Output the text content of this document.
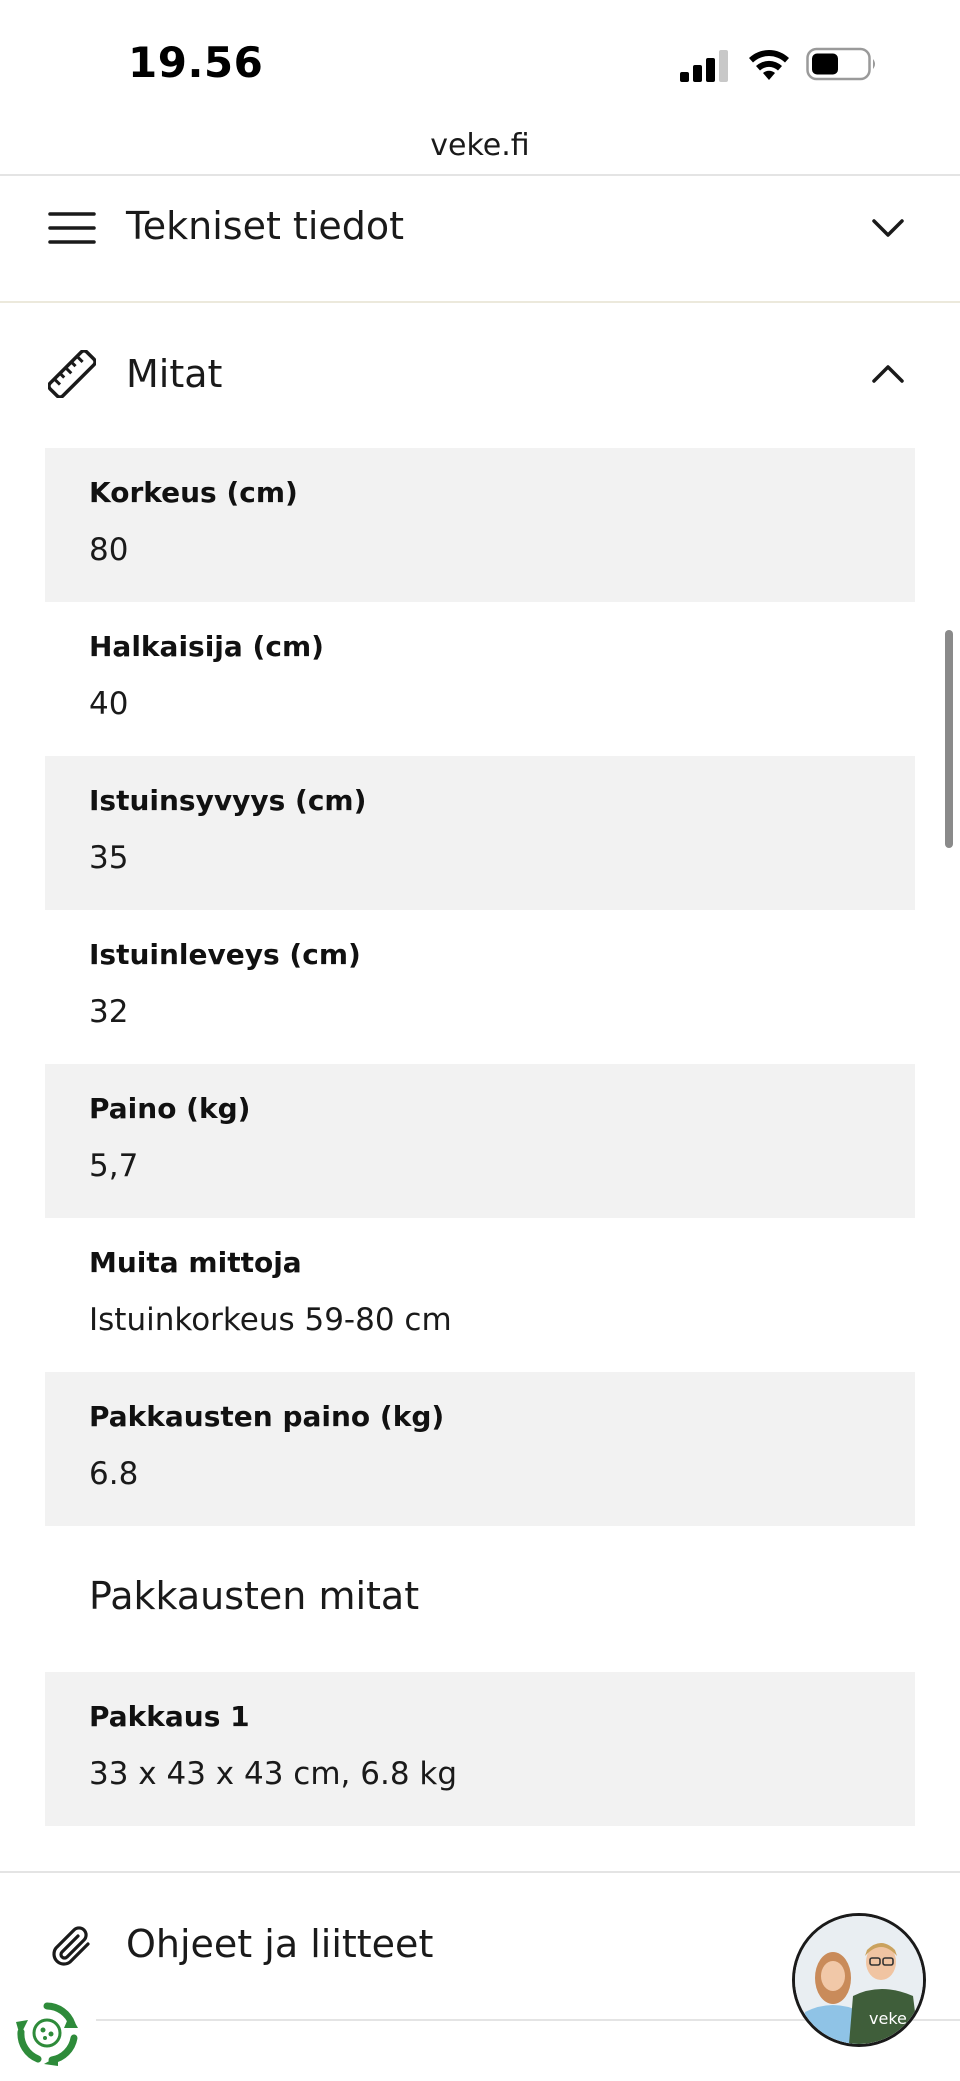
19.56
veke.fi
Tekniset tiedot
Mitat
Korkeus (cm)
80
Halkaisija (cm)
40
Istuinsyvyys (cm)
35
Istuinleveys (cm)
32
Paino (kg)
5,7
Muita mittoja
Istuinkorkeus 59-80 cm
Pakkausten paino (kg)
6.8
Pakkausten mitat
Pakkaus 1
33 x 43 x 43 cm, 6.8 kg
Ohjeet ja liitteet
veke
